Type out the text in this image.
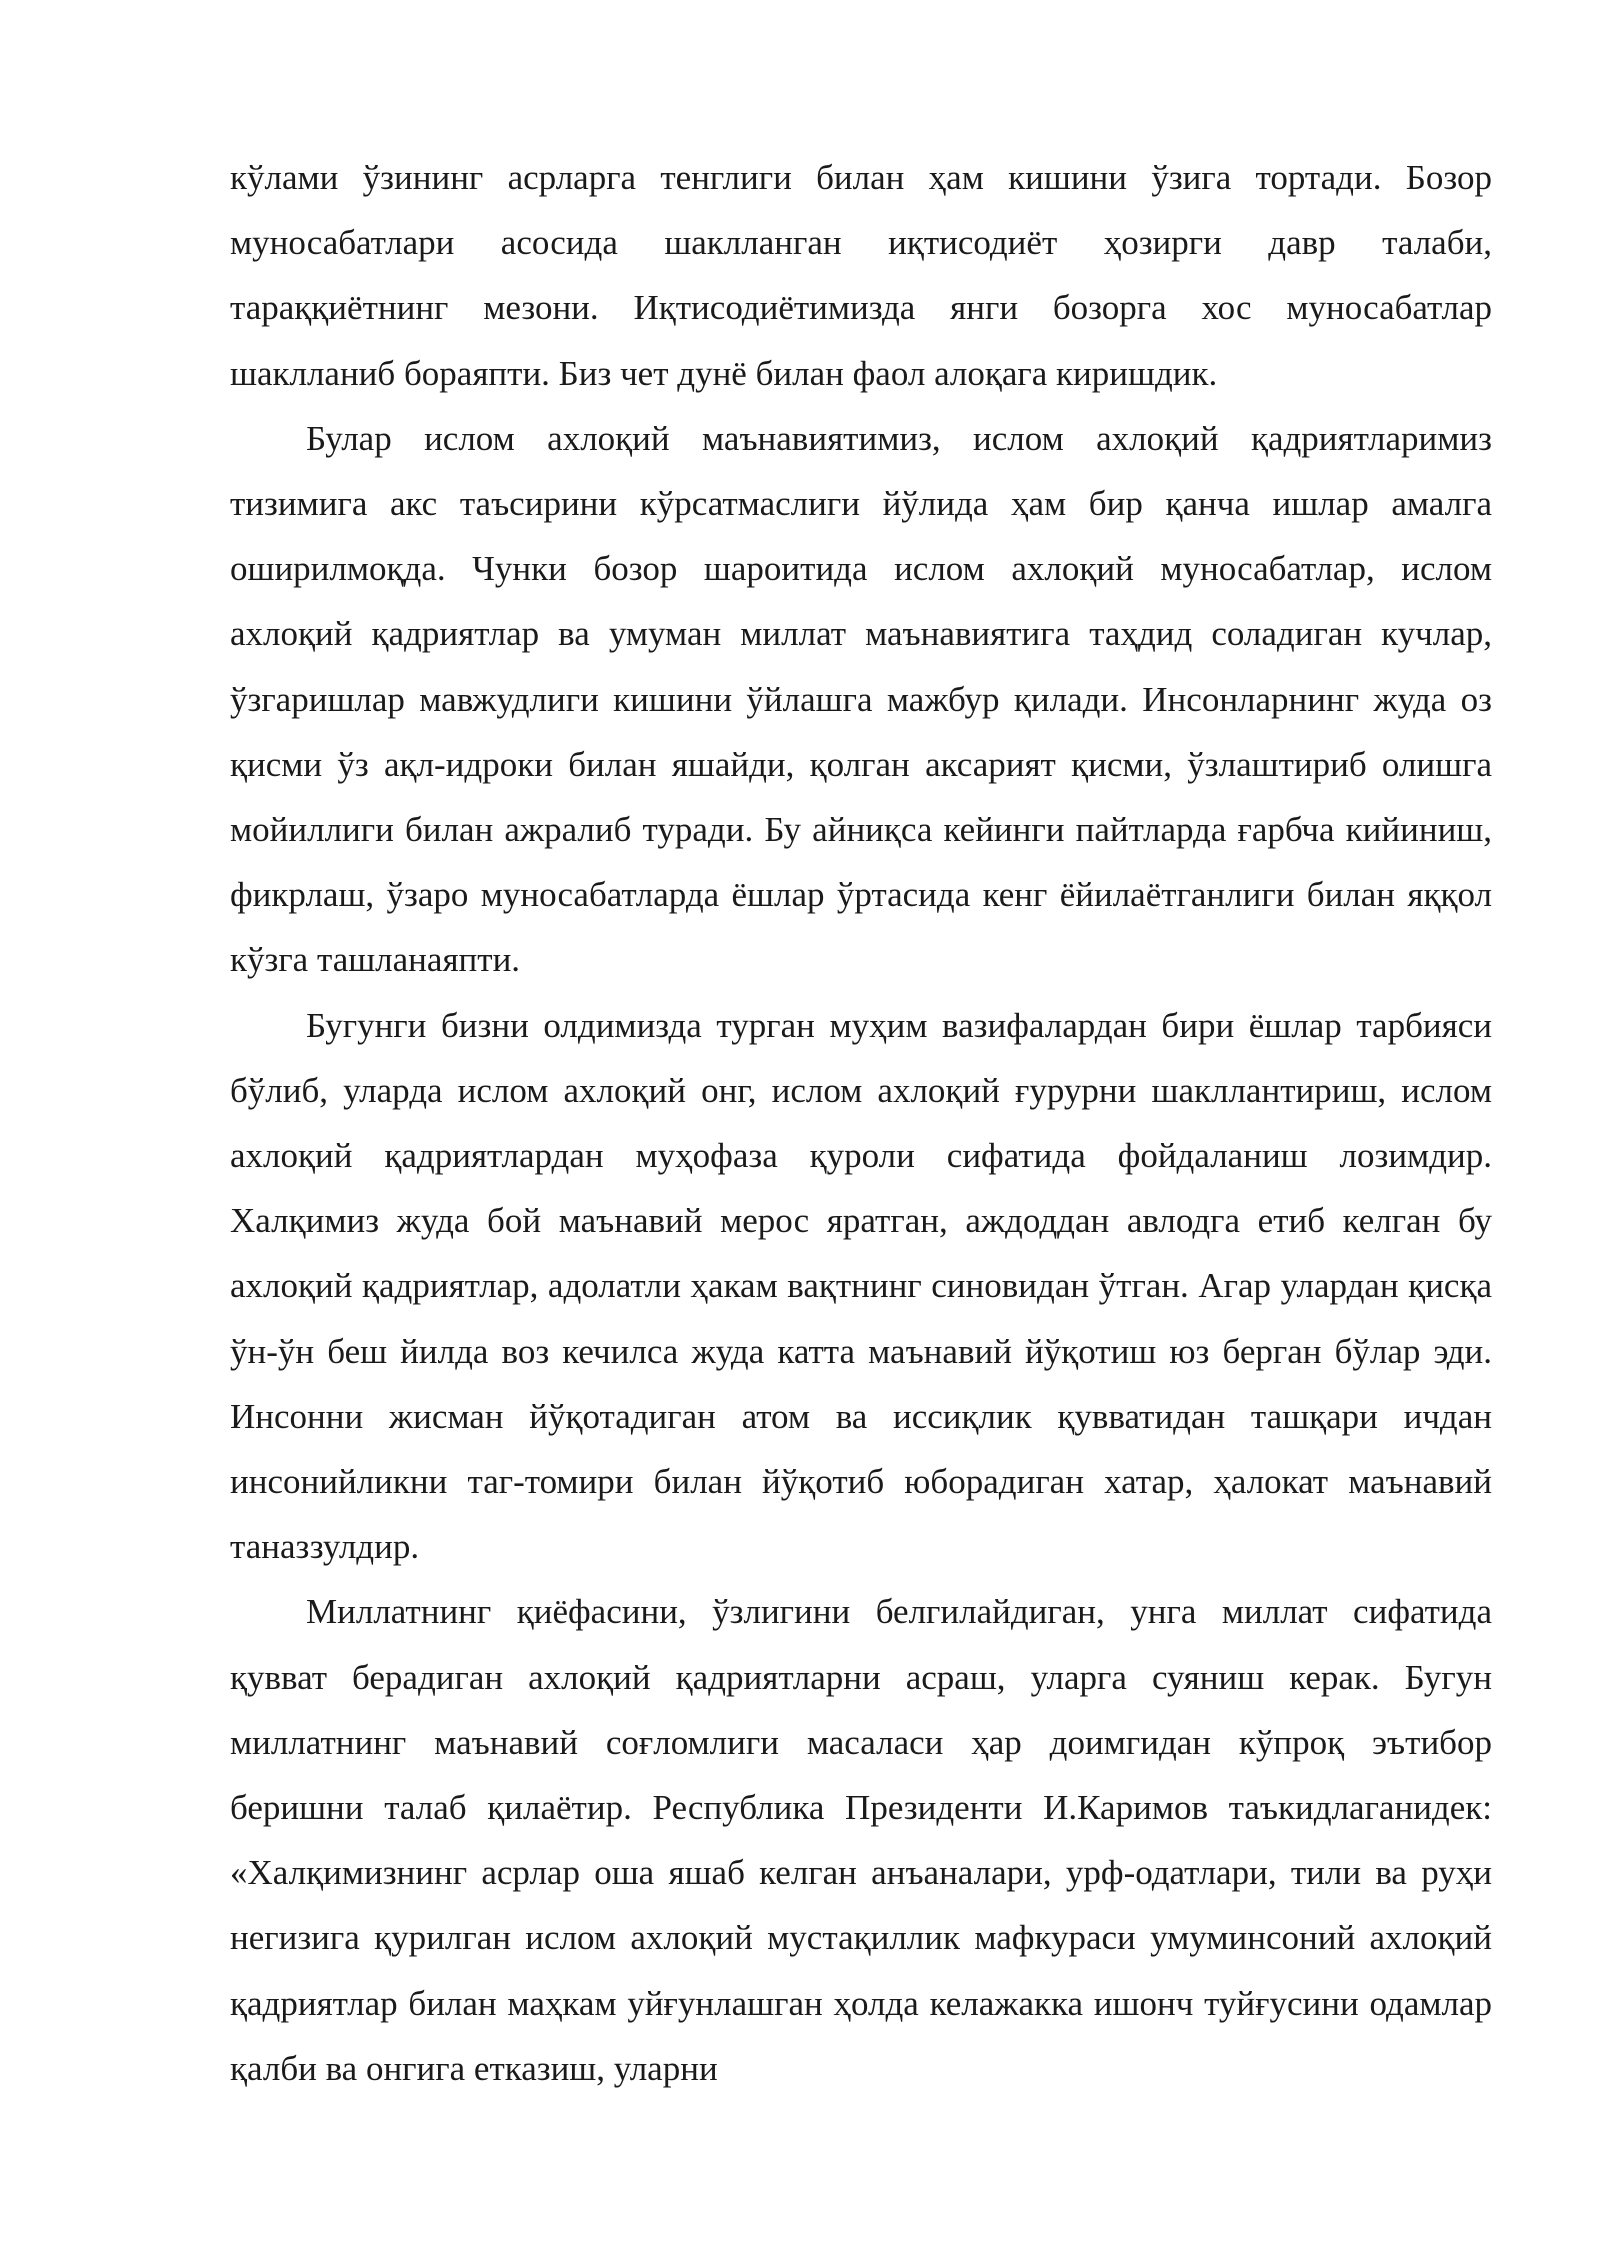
кўлами ўзининг асрларга тенглиги билан ҳам кишини ўзига тортади. Бозор муносабатлари асосида шаклланган иқтисодиёт ҳозирги давр талаби, тараққиётнинг мезони. Иқтисодиётимизда янги бозорга хос муносабатлар шаклланиб бораяпти. Биз чет дунё билан фаол алоқага киришдик.

Булар ислом ахлоқий маънавиятимиз, ислом ахлоқий қадриятларимиз тизимига акс таъсирини кўрсатмаслиги йўлида ҳам бир қанча ишлар амалга оширилмоқда. Чунки бозор шароитида ислом ахлоқий муносабатлар, ислом ахлоқий қадриятлар ва умуман миллат маънавиятига таҳдид соладиган кучлар, ўзгаришлар мавжудлиги кишини ўйлашга мажбур қилади. Инсонларнинг жуда оз қисми ўз ақл-идроки билан яшайди, қолган аксарият қисми, ўзлаштириб олишга мойиллиги билан ажралиб туради. Бу айниқса кейинги пайтларда ғарбча кийиниш, фикрлаш, ўзаро муносабатларда ёшлар ўртасида кенг ёйилаётганлиги билан яққол кўзга ташланаяпти.

Бугунги бизни олдимизда турган муҳим вазифалардан бири ёшлар тарбияси бўлиб, уларда ислом ахлоқий онг, ислом ахлоқий ғурурни шакллантириш, ислом ахлоқий қадриятлардан муҳофаза қуроли сифатида фойдаланиш лозимдир. Халқимиз жуда бой маънавий мерос яратган, аждоддан авлодга етиб келган бу ахлоқий қадриятлар, адолатли ҳакам вақтнинг синовидан ўтган. Агар улардан қисқа ўн-ўн беш йилда воз кечилса жуда катта маънавий йўқотиш юз берган бўлар эди. Инсонни жисман йўқотадиган атом ва иссиқлик қувватидан ташқари ичдан инсонийликни таг-томири билан йўқотиб юборадиган хатар, ҳалокат маънавий таназзулдир.

Миллатнинг қиёфасини, ўзлигини белгилайдиган, унга миллат сифатида қувват берадиган ахлоқий қадриятларни асраш, уларга суяниш керак. Бугун миллатнинг маънавий соғломлиги масаласи ҳар доимгидан кўпроқ эътибор беришни талаб қилаётир. Республика Президенти И.Каримов таъкидлаганидек: «Халқимизнинг асрлар оша яшаб келган анъаналари, урф-одатлари, тили ва руҳи негизига қурилган ислом ахлоқий мустақиллик мафкураси умуминсоний ахлоқий қадриятлар билан маҳкам уйғунлашган ҳолда келажакка ишонч туйғусини одамлар қалби ва онгига етказиш, уларни
